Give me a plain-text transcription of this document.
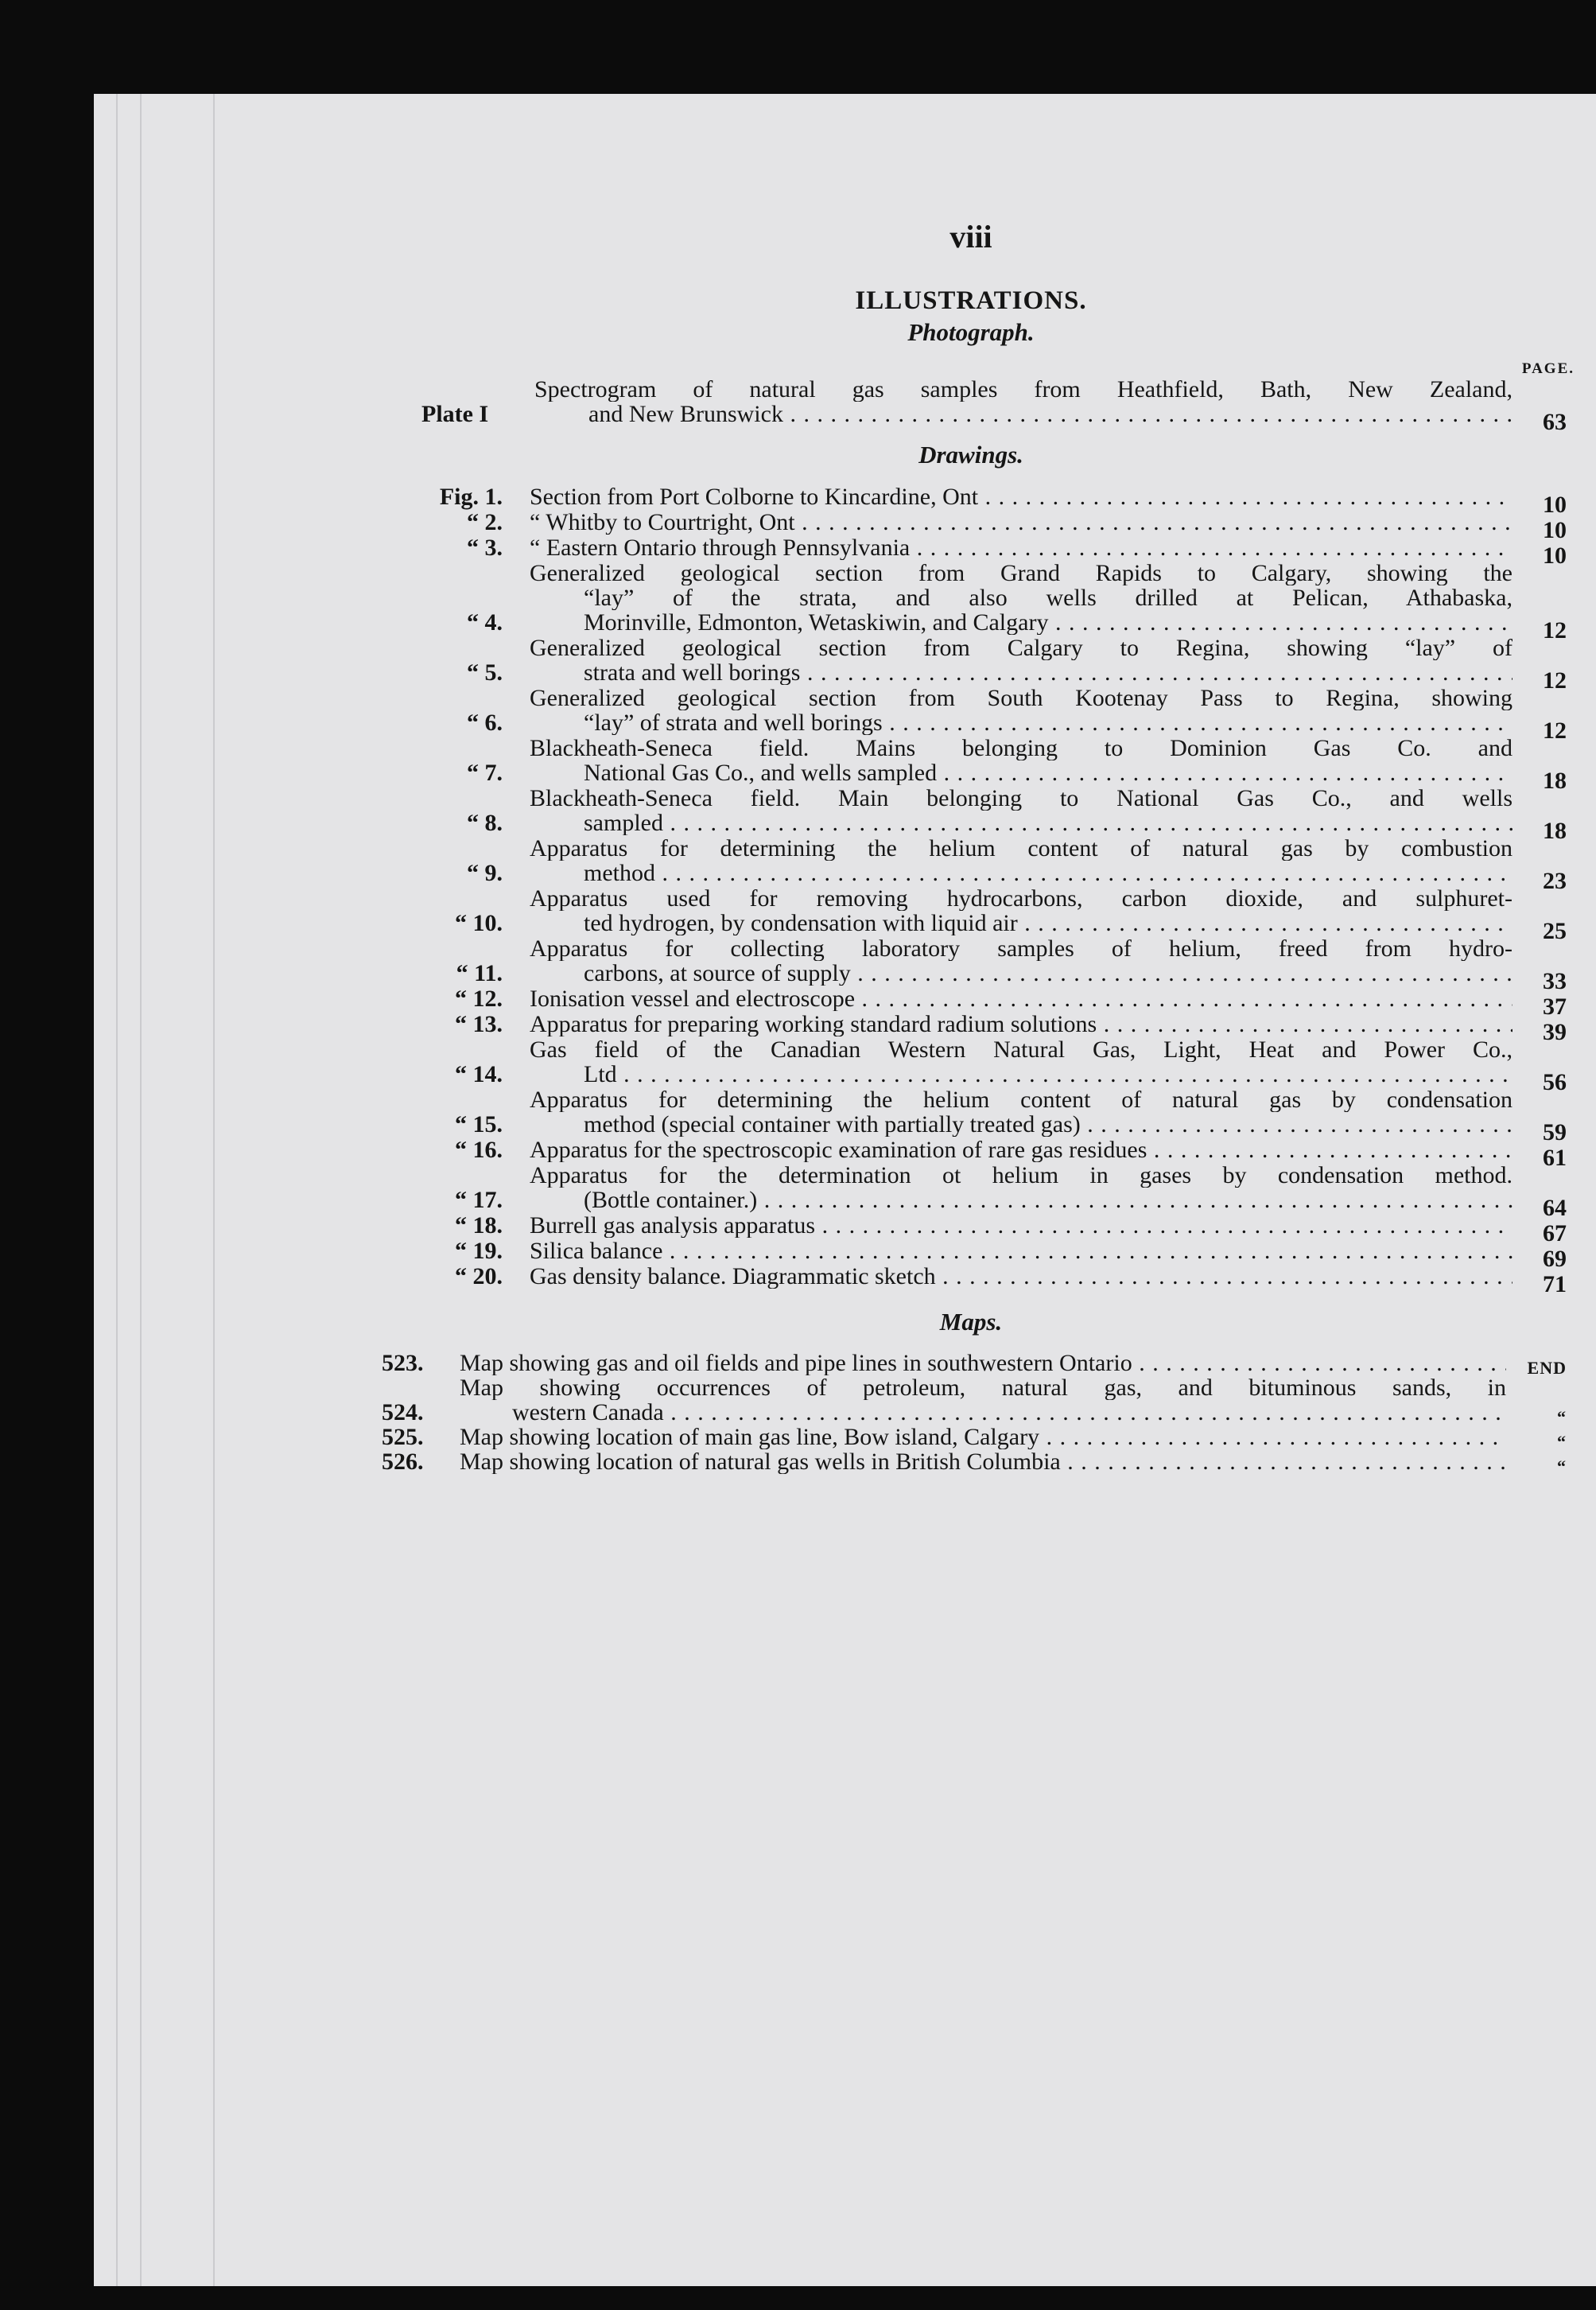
viii
ILLUSTRATIONS.
Photograph.
PAGE.
Plate I
Spectrogram of natural gas samples from Heathfield, Bath, New Zealand,
and New Brunswick . . .	63
Drawings.
Fig. 1.	Section from Port Colborne to Kincardine, Ont . . .	10
“ 2.	“ Whitby to Courtright, Ont . . .	10
“ 3.	“ Eastern Ontario through Pennsylvania . . .	10
“ 4.
Generalized geological section from Grand Rapids to Calgary, showing the
“lay” of the strata, and also wells drilled at Pelican, Athabaska,
Morinville, Edmonton, Wetaskiwin, and Calgary . . .	12
“ 5.
Generalized geological section from Calgary to Regina, showing “lay” of
strata and well borings . . .	12
“ 6.
Generalized geological section from South Kootenay Pass to Regina, showing
“lay” of strata and well borings . . .	12
“ 7.
Blackheath-Seneca field. Mains belonging to Dominion Gas Co. and
National Gas Co., and wells sampled . . .	18
“ 8.
Blackheath-Seneca field. Main belonging to National Gas Co., and wells
sampled . . .	18
“ 9.
Apparatus for determining the helium content of natural gas by combustion
method . . .	23
“ 10.
Apparatus used for removing hydrocarbons, carbon dioxide, and sulphuret-
ted hydrogen, by condensation with liquid air . . .	25
“ 11.
Apparatus for collecting laboratory samples of helium, freed from hydro-
carbons, at source of supply . . .	33
“ 12.	Ionisation vessel and electroscope . . .	37
“ 13.	Apparatus for preparing working standard radium solutions . . .	39
“ 14.
Gas field of the Canadian Western Natural Gas, Light, Heat and Power Co.,
Ltd . . .	56
“ 15.
Apparatus for determining the helium content of natural gas by condensation
method (special container with partially treated gas) . . .	59
“ 16.	Apparatus for the spectroscopic examination of rare gas residues . . .	61
“ 17.
Apparatus for the determination ot helium in gases by condensation method.
(Bottle container.) . . .	64
“ 18.	Burrell gas analysis apparatus . . .	67
“ 19.	Silica balance . . .	69
“ 20.	Gas density balance. Diagrammatic sketch . . .	71
Maps.
523.	Map showing gas and oil fields and pipe lines in southwestern Ontario . . .	END
524.
Map showing occurrences of petroleum, natural gas, and bituminous sands, in
western Canada . . .	“
525.	Map showing location of main gas line, Bow island, Calgary . . .	“
526.	Map showing location of natural gas wells in British Columbia . . .	“
